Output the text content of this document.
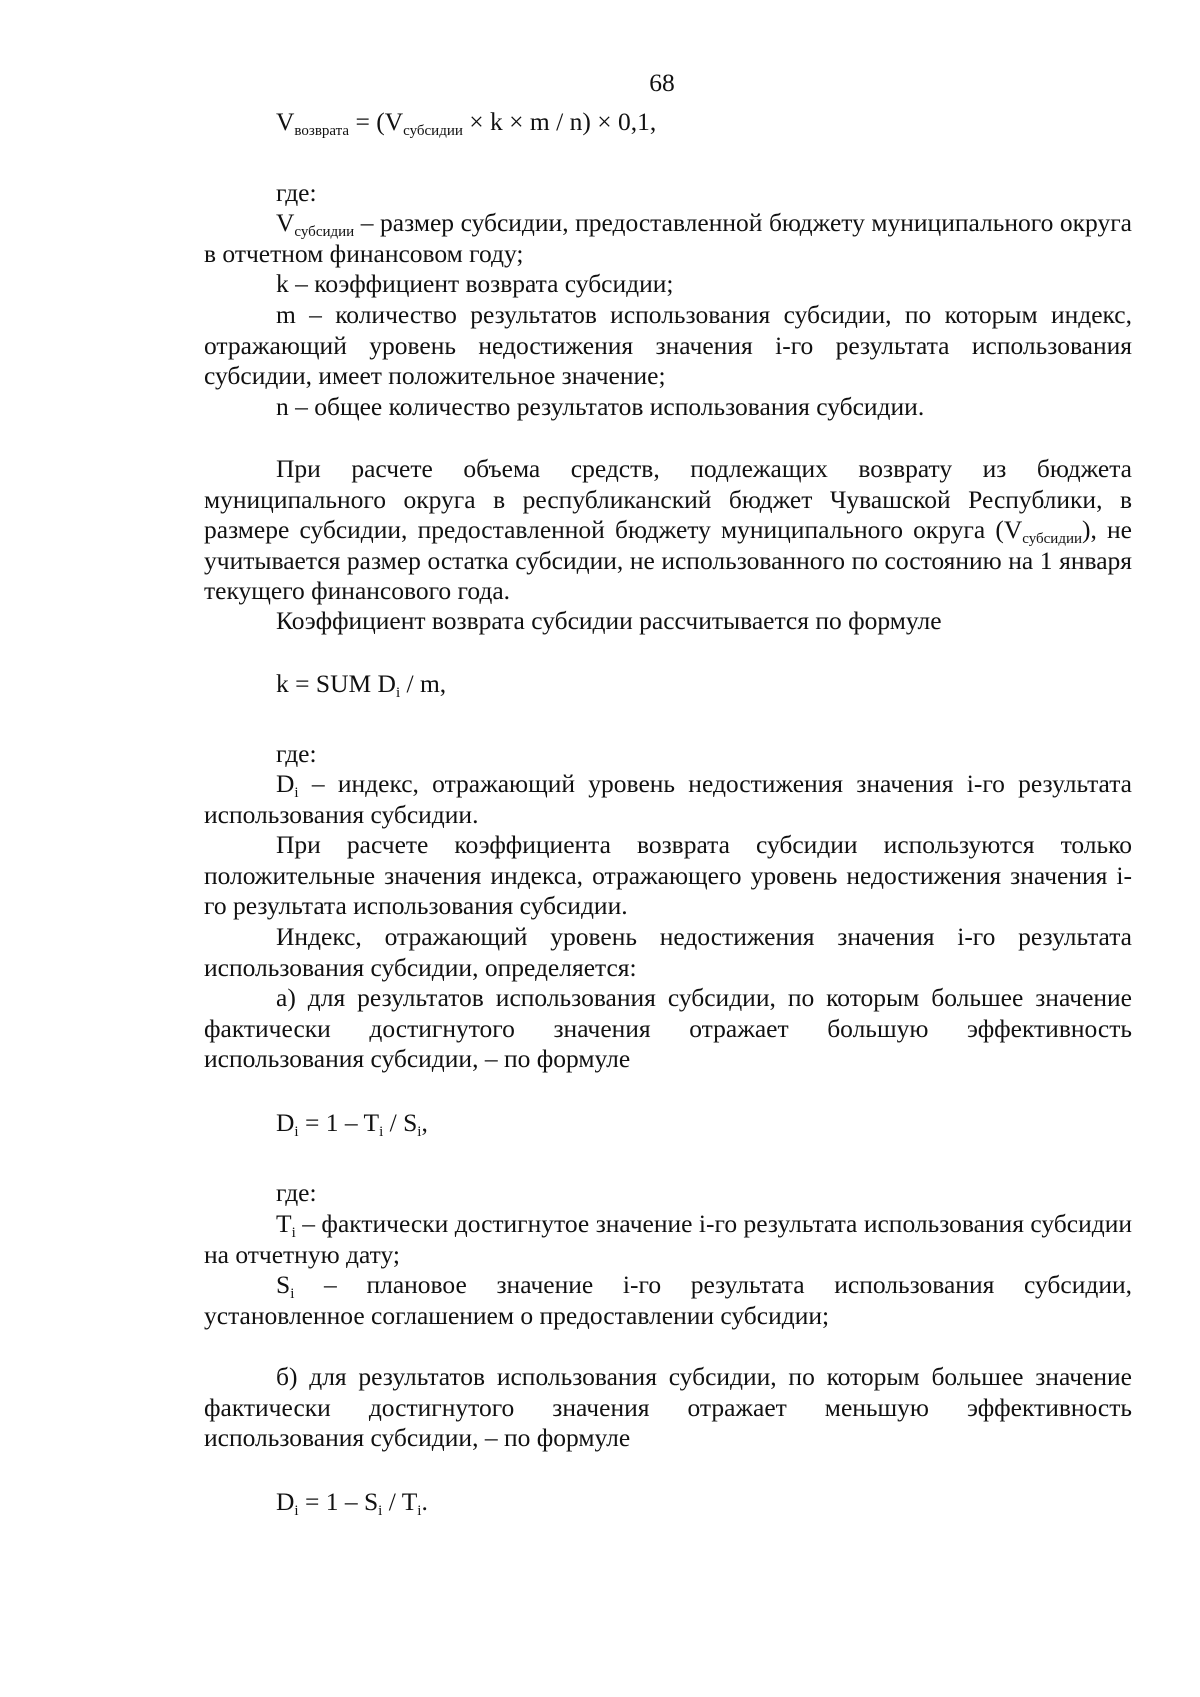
68
$V_{возврата} = (V_{субсидии} \times k \times m / n) \times 0,1$,
где:
$V_{субсидии}$ – размер субсидии, предоставленной бюджету муниципального округа в отчетном финансовом году;
k – коэффициент возврата субсидии;
m – количество результатов использования субсидии, по которым индекс, отражающий уровень недостижения значения i-го результата использования субсидии, имеет положительное значение;
n – общее количество результатов использования субсидии.
При расчете объема средств, подлежащих возврату из бюджета муниципального округа в республиканский бюджет Чувашской Республики, в размере субсидии, предоставленной бюджету муниципального округа $(V_{субсидии})$, не учитывается размер остатка субсидии, не использованного по состоянию на 1 января текущего финансового года.
Коэффициент возврата субсидии рассчитывается по формуле
k = SUM $D_i$ / m,
где:
$D_i$ – индекс, отражающий уровень недостижения значения i-го результата использования субсидии.
При расчете коэффициента возврата субсидии используются только положительные значения индекса, отражающего уровень недостижения значения i-го результата использования субсидии.
Индекс, отражающий уровень недостижения значения i-го результата использования субсидии, определяется:
а) для результатов использования субсидии, по которым большее значение фактически достигнутого значения отражает большую эффективность использования субсидии, – по формуле
$D_i = 1 - T_i / S_i$,
где:
$T_i$ – фактически достигнутое значение i-го результата использования субсидии на отчетную дату;
$S_i$ – плановое значение i-го результата использования субсидии, установленное соглашением о предоставлении субсидии;
б) для результатов использования субсидии, по которым большее значение фактически достигнутого значения отражает меньшую эффективность использования субсидии, – по формуле
$D_i = 1 - S_i / T_i$.
